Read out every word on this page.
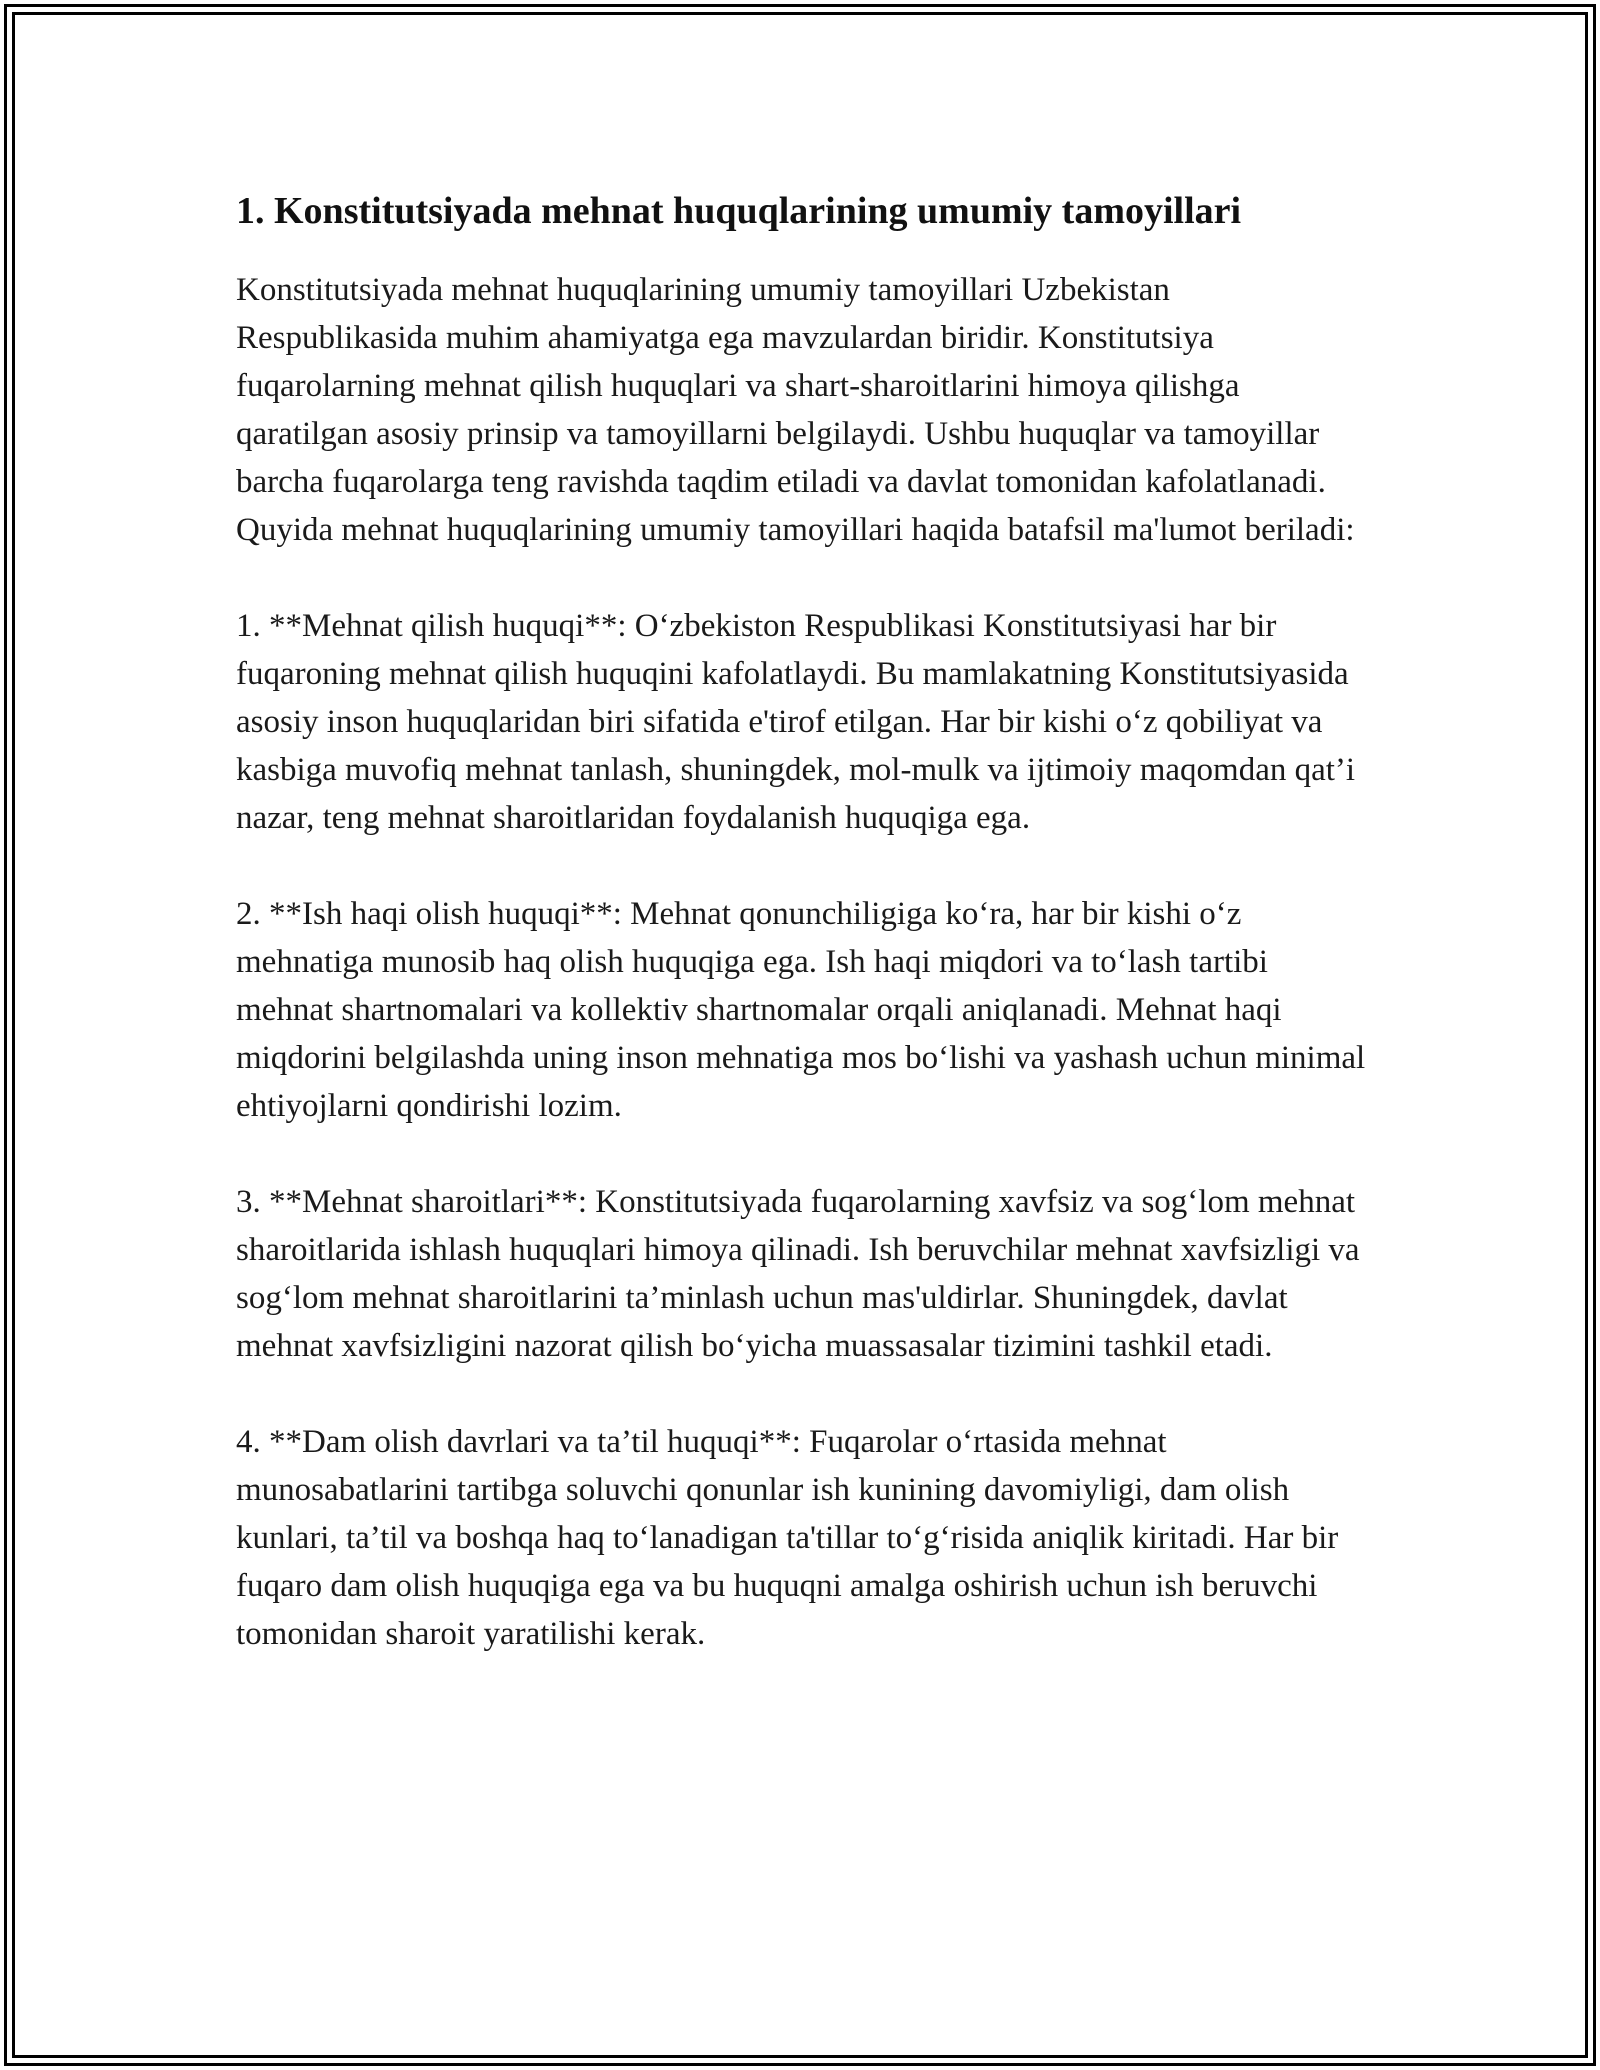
1. Konstitutsiyada mehnat huquqlarining umumiy tamoyillari

Konstitutsiyada mehnat huquqlarining umumiy tamoyillari Uzbekistan Respublikasida muhim ahamiyatga ega mavzulardan biridir. Konstitutsiya fuqarolarning mehnat qilish huquqlari va shart-sharoitlarini himoya qilishga qaratilgan asosiy prinsip va tamoyillarni belgilaydi. Ushbu huquqlar va tamoyillar barcha fuqarolarga teng ravishda taqdim etiladi va davlat tomonidan kafolatlanadi. Quyida mehnat huquqlarining umumiy tamoyillari haqida batafsil ma'lumot beriladi:

1. **Mehnat qilish huquqi**: O‘zbekiston Respublikasi Konstitutsiyasi har bir fuqaroning mehnat qilish huquqini kafolatlaydi. Bu mamlakatning Konstitutsiyasida asosiy inson huquqlaridan biri sifatida e'tirof etilgan. Har bir kishi o‘z qobiliyat va kasbiga muvofiq mehnat tanlash, shuningdek, mol-mulk va ijtimoiy maqomdan qat’i nazar, teng mehnat sharoitlaridan foydalanish huquqiga ega.

2. **Ish haqi olish huquqi**: Mehnat qonunchiligiga ko‘ra, har bir kishi o‘z mehnatiga munosib haq olish huquqiga ega. Ish haqi miqdori va to‘lash tartibi mehnat shartnomalari va kollektiv shartnomalar orqali aniqlanadi. Mehnat haqi miqdorini belgilashda uning inson mehnatiga mos bo‘lishi va yashash uchun minimal ehtiyojlarni qondirishi lozim.

3. **Mehnat sharoitlari**: Konstitutsiyada fuqarolarning xavfsiz va sog‘lom mehnat sharoitlarida ishlash huquqlari himoya qilinadi. Ish beruvchilar mehnat xavfsizligi va sog‘lom mehnat sharoitlarini ta’minlash uchun mas'uldirlar. Shuningdek, davlat mehnat xavfsizligini nazorat qilish bo‘yicha muassasalar tizimini tashkil etadi.

4. **Dam olish davrlari va ta’til huquqi**: Fuqarolar o‘rtasida mehnat munosabatlarini tartibga soluvchi qonunlar ish kunining davomiyligi, dam olish kunlari, ta’til va boshqa haq to‘lanadigan ta'tillar to‘g‘risida aniqlik kiritadi. Har bir fuqaro dam olish huquqiga ega va bu huquqni amalga oshirish uchun ish beruvchi tomonidan sharoit yaratilishi kerak.
